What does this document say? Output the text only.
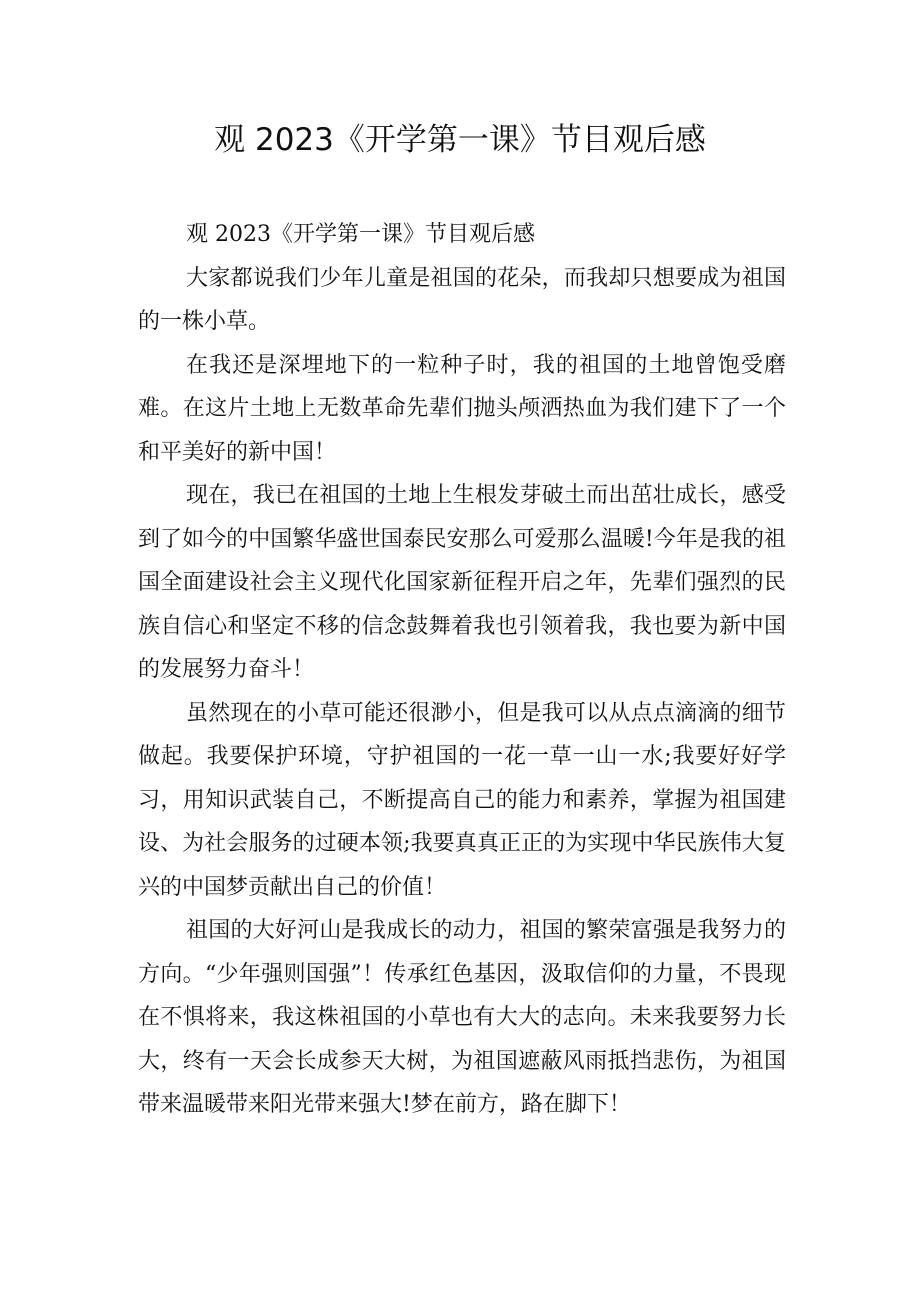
观 2023《开学第一课》节目观后感

观 2023《开学第一课》节目观后感

大家都说我们少年儿童是祖国的花朵，而我却只想要成为祖国的一株小草。

在我还是深埋地下的一粒种子时，我的祖国的土地曾饱受磨难。在这片土地上无数革命先辈们抛头颅洒热血为我们建下了一个和平美好的新中国！

现在，我已在祖国的土地上生根发芽破土而出茁壮成长，感受到了如今的中国繁华盛世国泰民安那么可爱那么温暖!今年是我的祖国全面建设社会主义现代化国家新征程开启之年，先辈们强烈的民族自信心和坚定不移的信念鼓舞着我也引领着我，我也要为新中国的发展努力奋斗！

虽然现在的小草可能还很渺小，但是我可以从点点滴滴的细节做起。我要保护环境，守护祖国的一花一草一山一水;我要好好学习，用知识武装自己，不断提高自己的能力和素养，掌握为祖国建设、为社会服务的过硬本领;我要真真正正的为实现中华民族伟大复兴的中国梦贡献出自己的价值！

祖国的大好河山是我成长的动力，祖国的繁荣富强是我努力的方向。“少年强则国强”！传承红色基因，汲取信仰的力量，不畏现在不惧将来，我这株祖国的小草也有大大的志向。未来我要努力长大，终有一天会长成参天大树，为祖国遮蔽风雨抵挡悲伤，为祖国带来温暖带来阳光带来强大!梦在前方，路在脚下！
